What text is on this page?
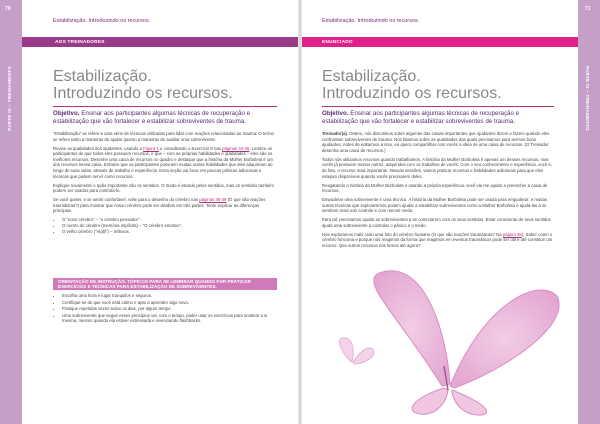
70
PARTE III – TREINAMENTO
Estabilização. Introduzindo os recursos.
AOS TREINADORES
Estabilização.
Introduzindo os recursos.
Objetivo. Ensinar aos participantes algumas técnicas de recuperação e estabilização que vão fortalecer e estabilizar sobreviventes de trauma.

“Estabilização” se refere a uma série de técnicas utilizadas para lidar com reações relacionadas ao trauma. O termo se refere tanto a maneiras de ajudar quanto a maneiras de auxiliar uma sobrevivente.

Revise as qualidades dos ajudantes, usando a Figura 1 e consultando o Exercício 8 nas páginas 34-35. Lembre os participantes de que todos eles possuem recursos, e que – com as próprias habilidades e qualidades – eles são os melhores recursos. Desenhe uma caixa de recursos no quadro e destaque que a história da Mulher Borboleta é um dos recursos nessa caixa. Enfatize que os participantes possuem muitas outras habilidades que eles adquiriram ao longo de suas vidas, através de trabalho e experiência. Essa seção vai focar em poucas práticas adicionais e técnicas que podem servir como recursos.

Explique novamente o quão importante são os sentidos. O medo é ativado pelos sentidos, mas os sentidos também podem ser usados para controlá-lo.

Se você quiser, e se sentir confortável, volte para o desenho do cérebro nas páginas 38-39 (O que são reações traumáticas?) para mostrar que nosso cérebro pode ser dividido em três partes. Tente explicar as diferenças principais.

• O “novo cérebro” – “o cérebro pensador”.
• O centro do cérebro (memória implícita) – “O cérebro emotivo”.
• O velho cérebro (“réptil”) – reflexos.
ORIENTAÇÃO DE INSTRUÇÃO. TÓPICOS PARA SE LEMBRAR QUANDO FOR PRATICAR EXERCÍCIOS E TÉCNICAS PARA ESTABILIZAÇÃO DE SOBREVIVENTES.
• Escolha uma hora e lugar tranquilos e seguros.
• Certifique-se de que você está calmo e apto a aprender algo novo.
• Pratique repetidas vezes todos os dias, por algum tempo.
• Uma sobrevivente que seguir esses princípios vai, com o tempo, poder usar os exercícios para acalmar a si mesma, mesmo quando ela estiver estressada e vivenciando flashbacks.
Estabilização. Introduzindo os recursos.
ENUNCIADO
Estabilização.
Introduzindo os recursos.
Objetivo. Ensinar aos participantes algumas técnicas de recuperação e estabilização que vão fortalecer e estabilizar sobreviventes de trauma.

Treinador(a). Ontem, nós discutimos sobre algumas das coisas importantes que ajudantes dizem e fazem quando eles confrontam sobreviventes de trauma. Nós falamos sobre as qualidades das quais precisamos para sermos bons ajudantes. Antes de voltarmos a isso, eu quero compartilhar com vocês a ideia de uma caixa de recursos. (O Treinador desenha uma caixa de recursos.)

Todos nós utilizamos recursos quando trabalhamos. A história da Mulher Borboleta é apenas um desses recursos, mas vocês já possuem muitos outros, adquiridos com os trabalhos de vocês. Com o seu conhecimento e experiência, você é, de fato, o recurso mais importante. Nessas sessões, vamos praticar recursos e habilidades adicionais para que eles estejam disponíveis quando vocês precisarem deles.

Resgatando a história da Mulher Borboleta e usando a própria experiência, você vai me ajudar a preencher a caixa de recursos.

Empoderar uma sobrevivente é uma técnica. A história da Mulher Borboleta pode ser usada para empoderar, e muitas outras técnicas que exploraremos podem ajudar a estabilizar sobreviventes como a Mulher Borboleta e ajudá-las a se sentirem mais sob controle e com menos medo.

Para tal, precisamos ajudar as sobreviventes a se conectarem com os seus sentidos. Estar consciente de seus sentidos ajuda uma sobrevivente a controlar o pânico e o medo.

Nós exploramos mais cedo uma foto do cérebro humano (O que são reações traumáticas? Na página 38). Saber como o cérebro funciona e porque nós reagimos da forma que reagimos em eventos traumáticos pode ser útil e até constituir um recurso. Que outros recursos nós temos até agora?

71
PARTE III – TREINAMENTO
